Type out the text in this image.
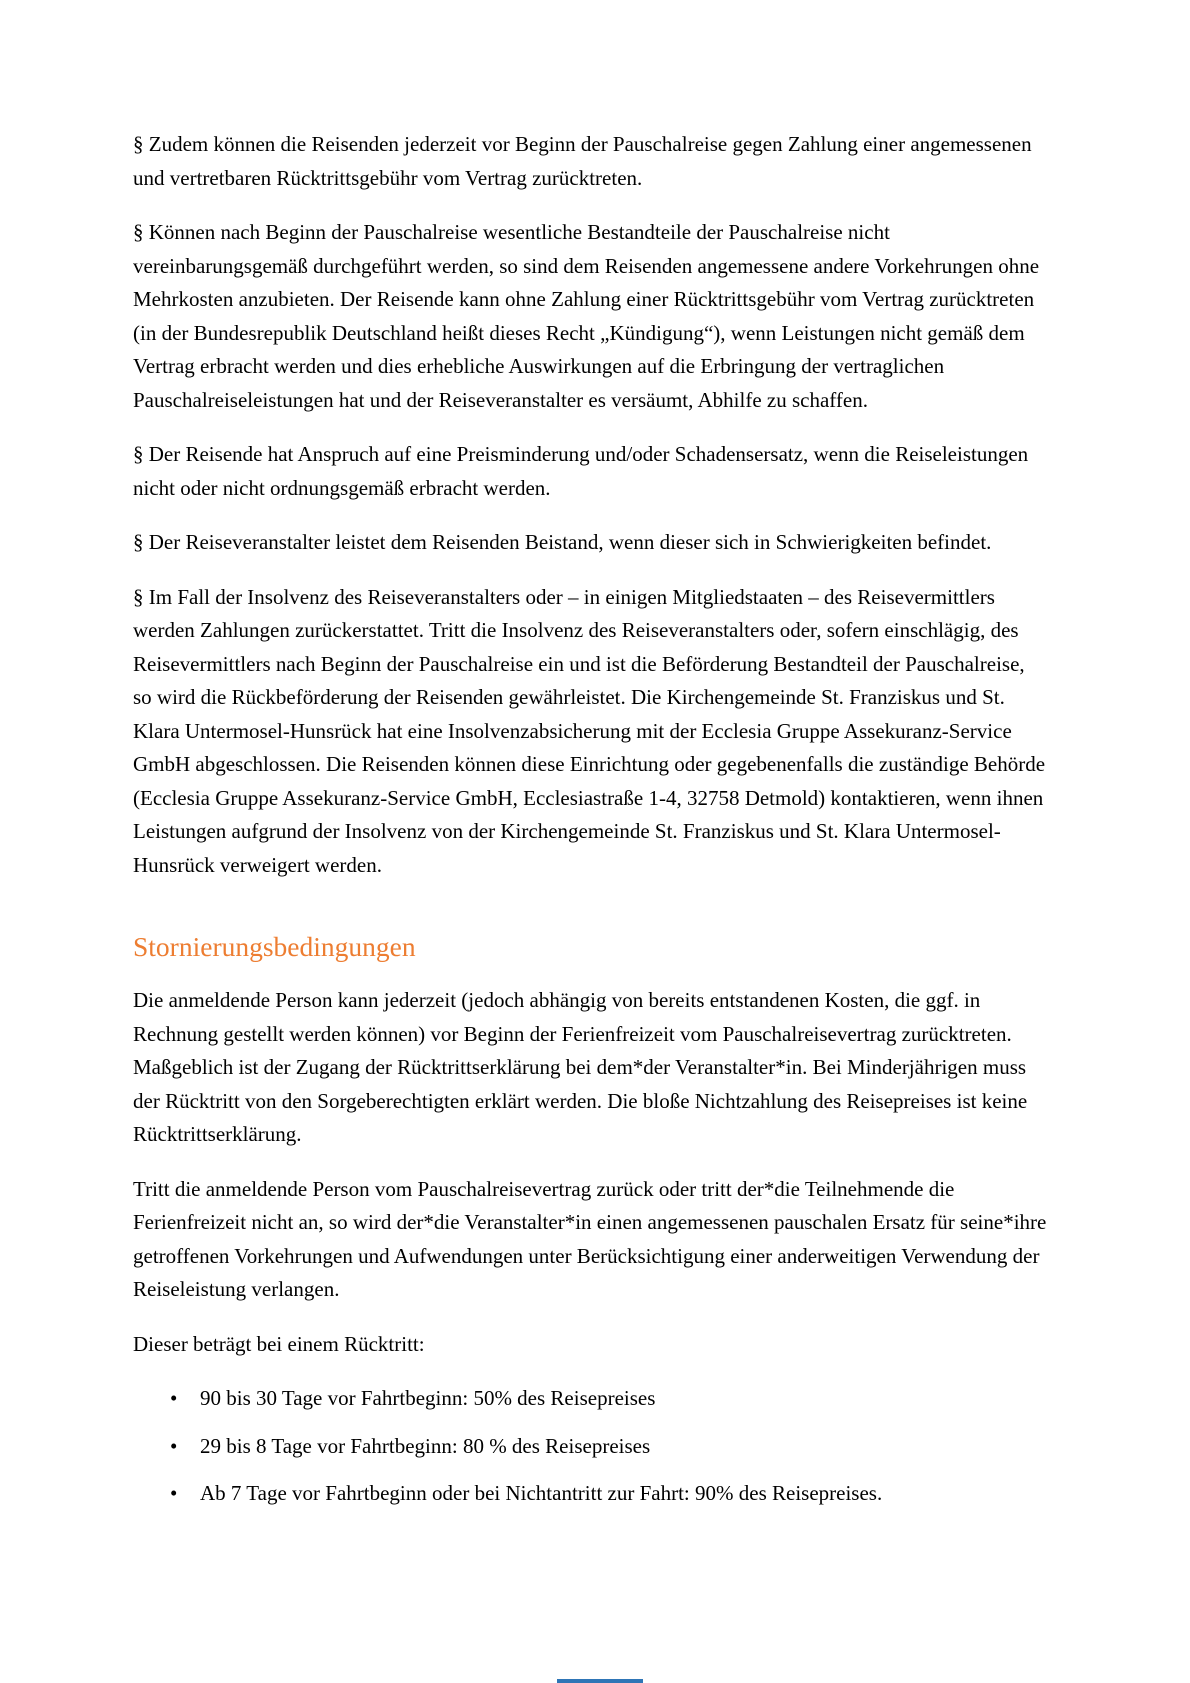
§ Zudem können die Reisenden jederzeit vor Beginn der Pauschalreise gegen Zahlung einer angemessenen und vertretbaren Rücktrittsgebühr vom Vertrag zurücktreten.

§ Können nach Beginn der Pauschalreise wesentliche Bestandteile der Pauschalreise nicht vereinbarungsgemäß durchgeführt werden, so sind dem Reisenden angemessene andere Vorkehrungen ohne Mehrkosten anzubieten. Der Reisende kann ohne Zahlung einer Rücktrittsgebühr vom Vertrag zurücktreten (in der Bundesrepublik Deutschland heißt dieses Recht „Kündigung“), wenn Leistungen nicht gemäß dem Vertrag erbracht werden und dies erhebliche Auswirkungen auf die Erbringung der vertraglichen Pauschalreiseleistungen hat und der Reiseveranstalter es versäumt, Abhilfe zu schaffen.

§ Der Reisende hat Anspruch auf eine Preisminderung und/oder Schadensersatz, wenn die Reiseleistungen nicht oder nicht ordnungsgemäß erbracht werden.

§ Der Reiseveranstalter leistet dem Reisenden Beistand, wenn dieser sich in Schwierigkeiten befindet.

§ Im Fall der Insolvenz des Reiseveranstalters oder – in einigen Mitgliedstaaten – des Reisevermittlers werden Zahlungen zurückerstattet. Tritt die Insolvenz des Reiseveranstalters oder, sofern einschlägig, des Reisevermittlers nach Beginn der Pauschalreise ein und ist die Beförderung Bestandteil der Pauschalreise, so wird die Rückbeförderung der Reisenden gewährleistet. Die Kirchengemeinde St. Franziskus und St. Klara Untermosel-Hunsrück hat eine Insolvenzabsicherung mit der Ecclesia Gruppe Assekuranz-Service GmbH abgeschlossen. Die Reisenden können diese Einrichtung oder gegebenenfalls die zuständige Behörde (Ecclesia Gruppe Assekuranz-Service GmbH, Ecclesiastraße 1-4, 32758 Detmold) kontaktieren, wenn ihnen Leistungen aufgrund der Insolvenz von der Kirchengemeinde St. Franziskus und St. Klara Untermosel-Hunsrück verweigert werden.

Stornierungsbedingungen

Die anmeldende Person kann jederzeit (jedoch abhängig von bereits entstandenen Kosten, die ggf. in Rechnung gestellt werden können) vor Beginn der Ferienfreizeit vom Pauschalreisevertrag zurücktreten. Maßgeblich ist der Zugang der Rücktrittserklärung bei dem*der Veranstalter*in. Bei Minderjährigen muss der Rücktritt von den Sorgeberechtigten erklärt werden. Die bloße Nichtzahlung des Reisepreises ist keine Rücktrittserklärung.

Tritt die anmeldende Person vom Pauschalreisevertrag zurück oder tritt der*die Teilnehmende die Ferienfreizeit nicht an, so wird der*die Veranstalter*in einen angemessenen pauschalen Ersatz für seine*ihre getroffenen Vorkehrungen und Aufwendungen unter Berücksichtigung einer anderweitigen Verwendung der Reiseleistung verlangen.

Dieser beträgt bei einem Rücktritt:

•	90 bis 30 Tage vor Fahrtbeginn: 50% des Reisepreises
•	29 bis 8 Tage vor Fahrtbeginn: 80 % des Reisepreises
•	Ab 7 Tage vor Fahrtbeginn oder bei Nichtantritt zur Fahrt: 90% des Reisepreises.
